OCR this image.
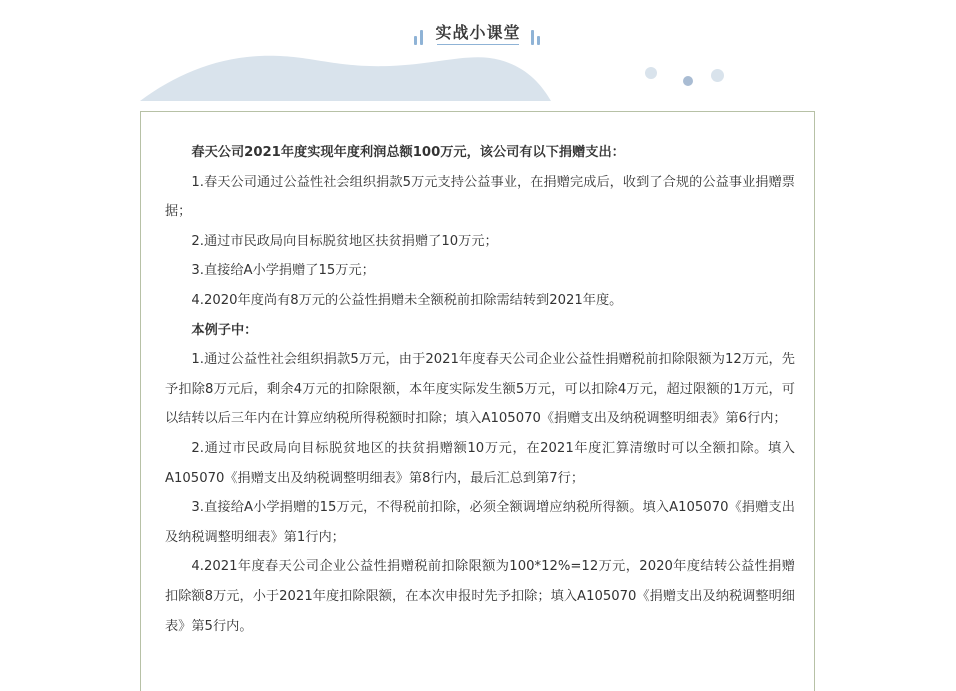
实战小课堂

春天公司2021年度实现年度利润总额100万元，该公司有以下捐赠支出：

1.春天公司通过公益性社会组织捐款5万元支持公益事业，在捐赠完成后，收到了合规的公益事业捐赠票据；

2.通过市民政局向目标脱贫地区扶贫捐赠了10万元；

3.直接给A小学捐赠了15万元；

4.2020年度尚有8万元的公益性捐赠未全额税前扣除需结转到2021年度。

本例子中：

1.通过公益性社会组织捐款5万元，由于2021年度春天公司企业公益性捐赠税前扣除限额为12万元，先予扣除8万元后，剩余4万元的扣除限额，本年度实际发生额5万元，可以扣除4万元，超过限额的1万元，可以结转以后三年内在计算应纳税所得税额时扣除；填入A105070《捐赠支出及纳税调整明细表》第6行内；

2.通过市民政局向目标脱贫地区的扶贫捐赠额10万元，在2021年度汇算清缴时可以全额扣除。填入A105070《捐赠支出及纳税调整明细表》第8行内，最后汇总到第7行；

3.直接给A小学捐赠的15万元，不得税前扣除，必须全额调增应纳税所得额。填入A105070《捐赠支出及纳税调整明细表》第1行内；

4.2021年度春天公司企业公益性捐赠税前扣除限额为100*12%=12万元，2020年度结转公益性捐赠扣除额8万元，小于2021年度扣除限额，在本次申报时先予扣除；填入A105070《捐赠支出及纳税调整明细表》第5行内。
